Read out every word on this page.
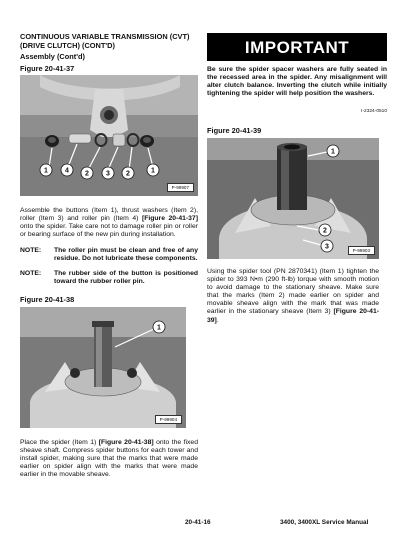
CONTINUOUS VARIABLE TRANSMISSION (CVT)
(DRIVE CLUTCH) (CONT'D)
Assembly (Cont'd)
Figure 20-41-37
1 4 2 3 2	1
P-99907
Assemble the buttons (Item 1), thrust washers (Item 2), roller (Item 3) and roller pin (Item 4) [Figure 20-41-37] onto the spider. Take care not to damage roller pin or roller or bearing surface of the new pin during installation.
NOTE: The roller pin must be clean and free of any residue. Do not lubricate these components.
NOTE: The rubber side of the button is positioned toward the rubber roller pin.
Figure 20-41-38
1
P-99904
Place the spider (Item 1) [Figure 20-41-38] onto the fixed sheave shaft. Compress spider buttons for each tower and install spider, making sure that the marks that were made earlier on spider align with the marks that were made earlier in the movable sheave.
IMPORTANT
Be sure the spider spacer washers are fully seated in the recessed area in the spider. Any misalignment will alter clutch balance. Inverting the clutch while initially tightening the spider will help position the washers.
I-2324-0510
Figure 20-41-39
1
2
3	P-99903
Using the spider tool (PN 2870341) (Item 1) tighten the spider to 393 N•m (290 ft-lb) torque with smooth motion to avoid damage to the stationary sheave. Make sure that the marks (Item 2) made earlier on spider and movable sheave align with the mark that was made earlier in the stationary sheave (Item 3) [Figure 20-41-39].
20-41-16	3400, 3400XL Service Manual
